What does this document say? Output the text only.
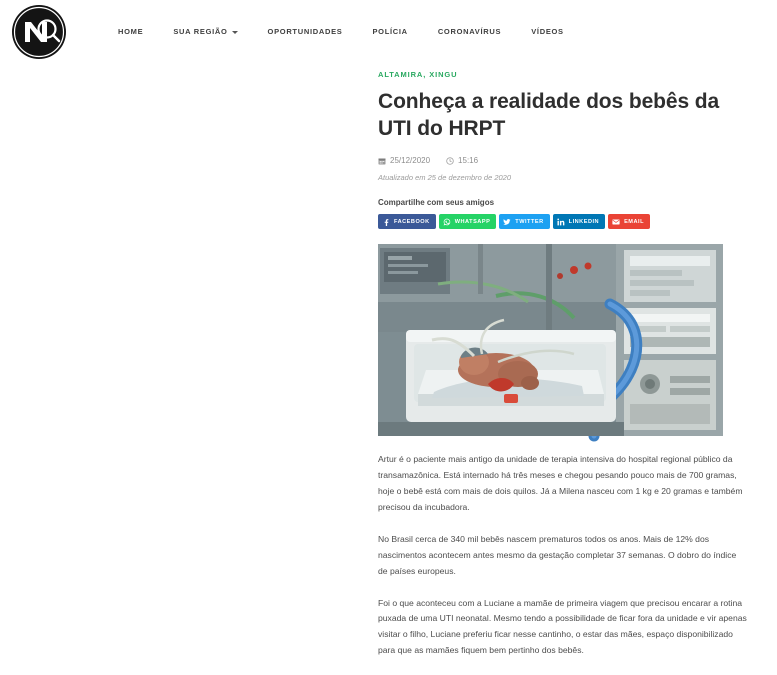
HOME	SUA REGIÃO	OPORTUNIDADES	POLÍCIA	CORONAVÍRUS	VÍDEOS
ALTAMIRA, XINGU
Conheça a realidade dos bebês da UTI do HRPT
25/12/2020	15:16
Atualizado em 25 de dezembro de 2020
Compartilhe com seus amigos
FACEBOOK	WHATSAPP	TWITTER	LINKEDIN	EMAIL

Artur é o paciente mais antigo da unidade de terapia intensiva do hospital regional público da transamazônica. Está internado há três meses e chegou pesando pouco mais de 700 gramas, hoje o bebê está com mais de dois quilos. Já a Milena nasceu com 1 kg e 20 gramas e também precisou da incubadora.

No Brasil cerca de 340 mil bebês nascem prematuros todos os anos. Mais de 12% dos nascimentos acontecem antes mesmo da gestação completar 37 semanas. O dobro do índice de países europeus.

Foi o que aconteceu com a Luciane a mamãe de primeira viagem que precisou encarar a rotina puxada de uma UTI neonatal. Mesmo tendo a possibilidade de ficar fora da unidade e vir apenas visitar o filho, Luciane preferiu ficar nesse cantinho, o estar das mães, espaço disponibilizado para que as mamães fiquem bem pertinho dos bebês.
